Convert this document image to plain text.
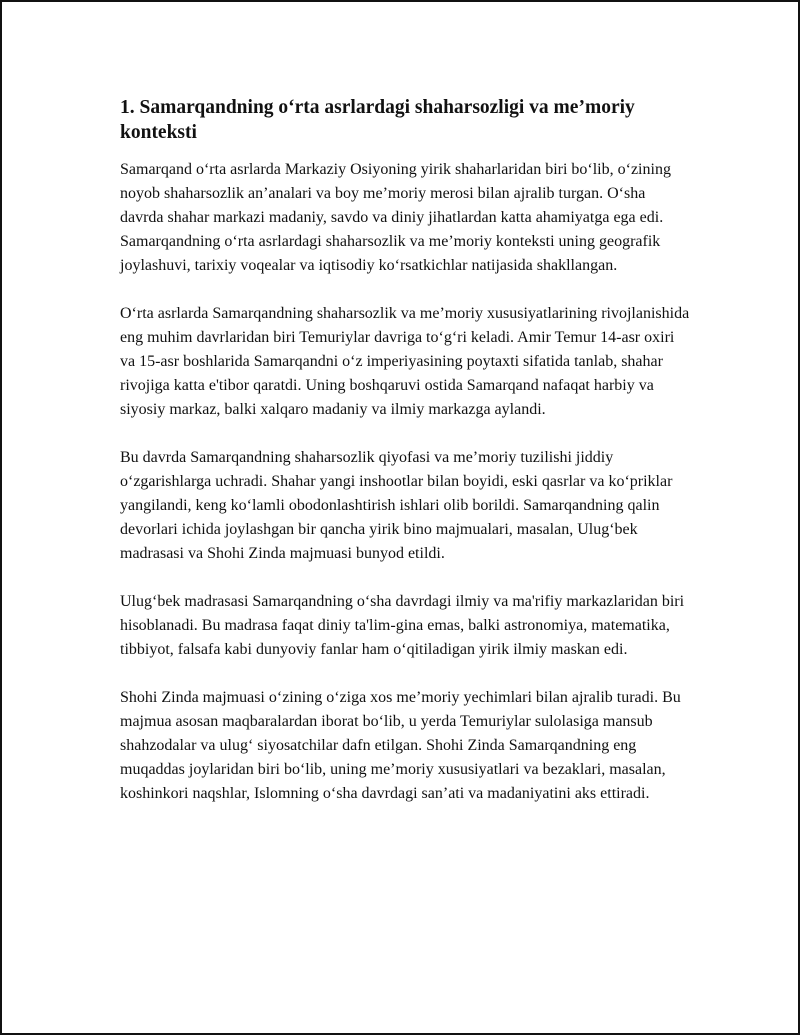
1. Samarqandning o‘rta asrlardagi shaharsozligi va me’moriy konteksti

Samarqand o‘rta asrlarda Markaziy Osiyoning yirik shaharlaridan biri bo‘lib, o‘zining noyob shaharsozlik an’analari va boy me’moriy merosi bilan ajralib turgan. O‘sha davrda shahar markazi madaniy, savdo va diniy jihatlardan katta ahamiyatga ega edi. Samarqandning o‘rta asrlardagi shaharsozlik va me’moriy konteksti uning geografik joylashuvi, tarixiy voqealar va iqtisodiy ko‘rsatkichlar natijasida shakllangan.

O‘rta asrlarda Samarqandning shaharsozlik va me’moriy xususiyatlarining rivojlanishida eng muhim davrlaridan biri Temuriylar davriga to‘g‘ri keladi. Amir Temur 14-asr oxiri va 15-asr boshlarida Samarqandni o‘z imperiyasining poytaxti sifatida tanlab, shahar rivojiga katta e'tibor qaratdi. Uning boshqaruvi ostida Samarqand nafaqat harbiy va siyosiy markaz, balki xalqaro madaniy va ilmiy markazga aylandi.

Bu davrda Samarqandning shaharsozlik qiyofasi va me’moriy tuzilishi jiddiy o‘zgarishlarga uchradi. Shahar yangi inshootlar bilan boyidi, eski qasrlar va ko‘priklar yangilandi, keng ko‘lamli obodonlashtirish ishlari olib borildi. Samarqandning qalin devorlari ichida joylashgan bir qancha yirik bino majmualari, masalan, Ulug‘bek madrasasi va Shohi Zinda majmuasi bunyod etildi.

Ulug‘bek madrasasi Samarqandning o‘sha davrdagi ilmiy va ma'rifiy markazlaridan biri hisoblanadi. Bu madrasa faqat diniy ta'lim-gina emas, balki astronomiya, matematika, tibbiyot, falsafa kabi dunyoviy fanlar ham o‘qitiladigan yirik ilmiy maskan edi.

Shohi Zinda majmuasi o‘zining o‘ziga xos me’moriy yechimlari bilan ajralib turadi. Bu majmua asosan maqbaralardan iborat bo‘lib, u yerda Temuriylar sulolasiga mansub shahzodalar va ulug‘ siyosatchilar dafn etilgan. Shohi Zinda Samarqandning eng muqaddas joylaridan biri bo‘lib, uning me’moriy xususiyatlari va bezaklari, masalan, koshinkori naqshlar, Islomning o‘sha davrdagi san’ati va madaniyatini aks ettiradi.
